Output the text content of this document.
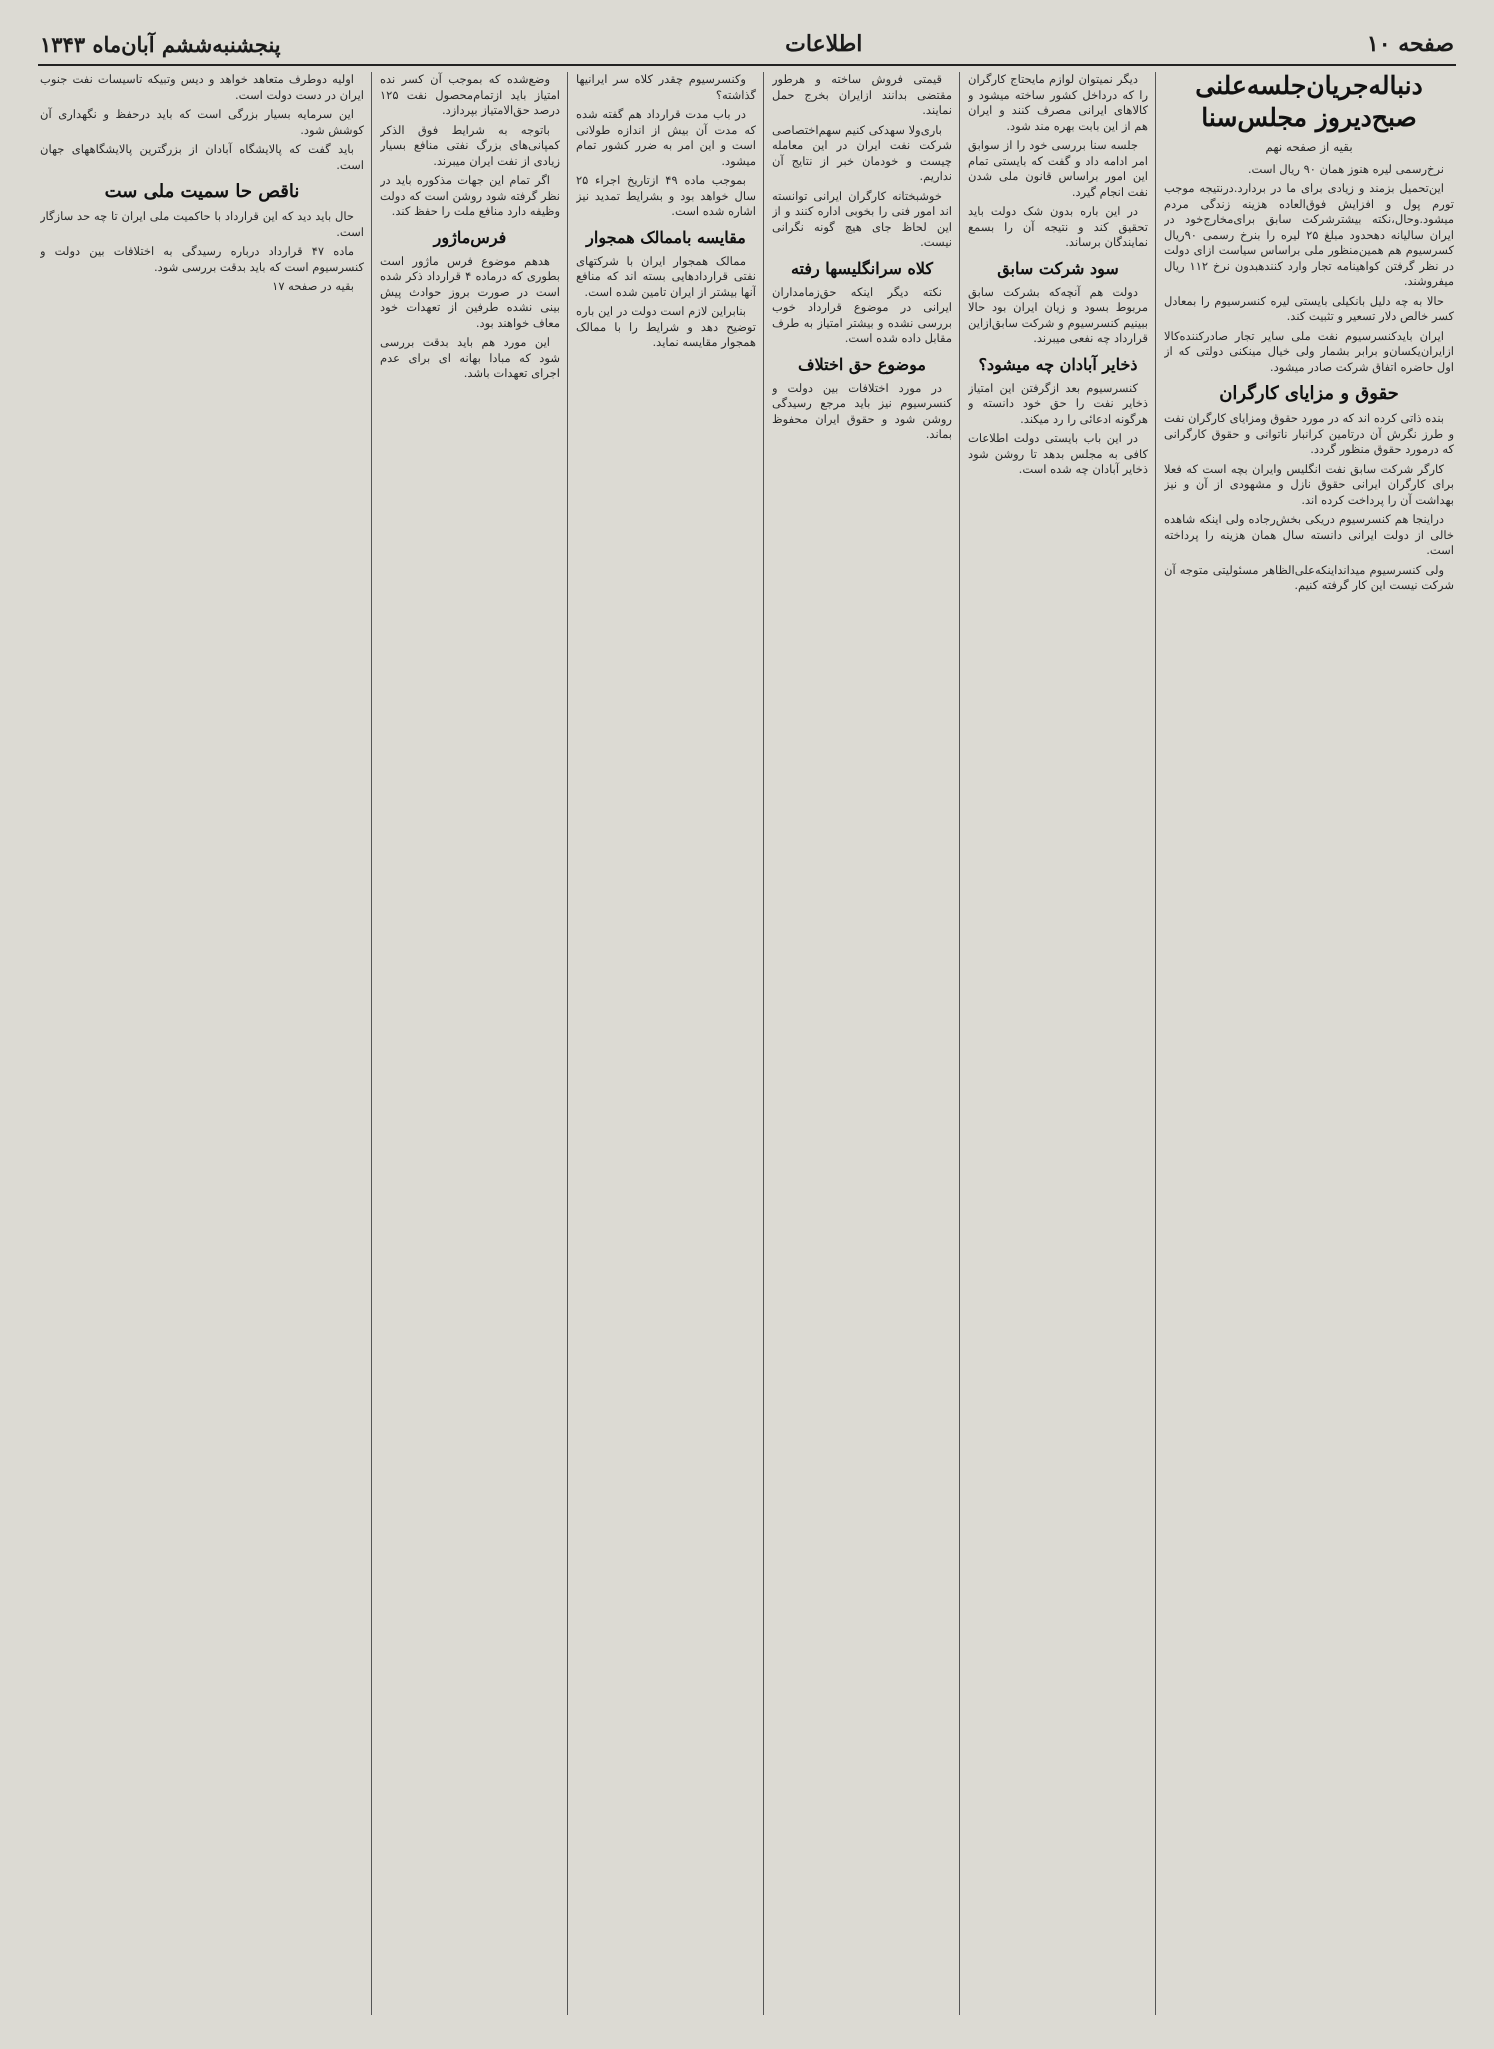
صفحه ۱۰
اطلاعات
پنجشنبه‌ششم آبان‌ماه ۱۳۴۳
دنباله‌جریان‌جلسه‌علنی صبح‌دیروز مجلس‌سنا
بقیه از صفحه نهم

نرخ‌رسمی لیره هنوز همان ۹۰ ریال است.

این‌تحمیل بزمند و زیادی برای ما در بردارد.درنتیجه موجب تورم پول و افزایش فوق‌العاده هزینه زندگی مردم میشود.وحال،نکته بیشترشرکت سابق برای‌مخارج‌خود در ایران سالیانه دهحدود مبلغ ۲۵ لیره را بنرخ رسمی ۹۰ریال کسرسیوم هم همین‌منظور ملی براساس سیاست ازای دولت در نظر گرفتن کواهینامه تجار وارد کنندهبدون نرخ ۱۱۲ ریال میفروشند.

حالا به چه دلیل بانکیلی بایستی لیره کنسرسیوم را بمعادل کسر خالص دلار تسعیر و تثبیت کند.

ایران بایدکنسرسیوم نفت ملی سایر تجار صادرکننده‌کالا ازایران‌یکسان‌و برابر بشمار ولی خیال مینکنی دولتی که از اول حاضره اتفاق شرکت صادر میشود.

حقوق و مزایای کارگران

بنده ذاتی کرده اند که در مورد حقوق ومزایای کارگران نفت و طرز نگرش آن درتامین کرانبار ناتوانی و حقوق کارگرانی که درمورد حقوق منظور گردد.

کارگر شرکت سابق نفت انگلیس وایران بچه است که فعلا برای کارگران ایرانی حقوق نازل و مشهودی از آن و نیز بهداشت آن را پرداخت کرده اند.

دراینجا هم کنسرسیوم دریکی بخش‌رجاده ولی اینکه شاهده خالی از دولت ایرانی دانسته سال همان هزینه را پرداخته است.

ولی کنسرسیوم میداند‌اینکه‌علی‌الظاهر مسئولیتی متوجه آن شرکت نیست این کار گرفته کنیم.

دیگر نمیتوان لوازم مایحتاج کارگران را که درداخل کشور ساخته میشود و کالاهای ایرانی مصرف کنند و ایران هم از این بابت بهره مند شود.

جلسه سنا بررسی خود را از سوابق امر ادامه داد و گفت که بایستی تمام این امور براساس قانون ملی شدن نفت انجام گیرد.

در این باره بدون شک دولت باید تحقیق کند و نتیجه آن را بسمع نمایندگان برساند.

سود شرکت سابق

دولت هم آنچه‌که بشرکت سابق مربوط بسود و زیان ایران بود حالا ببینیم کنسرسیوم و شرکت سابق‌ازاین قرارداد چه نفعی میبرند.

ذخایر آبادان چه میشود؟

کنسرسیوم بعد ازگرفتن این امتیاز ذخایر نفت را حق خود دانسته و هرگونه ادعائی را رد میکند.

در این باب بایستی دولت اطلاعات کافی به مجلس بدهد تا روشن شود ذخایر آبادان چه شده است.

قیمتی فروش ساخته و هرطور مقتضی بدانند ازایران بخرج حمل نمایند.

باری‌ولا سهدکی کنیم سهم‌اختصاصی شرکت نفت ایران در این معامله چیست و خودمان خبر از نتایج آن نداریم.

خوشبختانه کارگران ایرانی توانسته اند امور فنی را بخوبی اداره کنند و از این لحاظ جای هیچ گونه نگرانی نیست.

کلاه سرانگلیسها رفته

نکته دیگر اینکه حق‌زمامداران ایرانی در موضوع قرارداد خوب بررسی نشده و بیشتر امتیاز به طرف مقابل داده شده است.

موضوع حق اختلاف

در مورد اختلافات بین دولت و کنسرسیوم نیز باید مرجع رسیدگی روشن شود و حقوق ایران محفوظ بماند.

وکنسرسیوم چقدر کلاه سر ایرانیها گذاشته؟

در باب مدت قرارداد هم گفته شده که مدت آن بیش از اندازه طولانی است و این امر به ضرر کشور تمام میشود.

بموجب ماده ۴۹ ازتاریخ اجراء ۲۵ سال خواهد بود و بشرایط تمدید نیز اشاره شده است.

مقایسه باممالک همجوار

ممالک همجوار ایران با شرکتهای نفتی قراردادهایی بسته اند که منافع آنها بیشتر از ایران تامین شده است.

بنابراین لازم است دولت در این باره توضیح دهد و شرایط را با ممالک همجوار مقایسه نماید.

وضع‌شده که بموجب آن کسر نده امتیاز باید ازتمام‌محصول نفت ۱۲۵ درصد حق‌الامتیاز بپردازد.

باتوجه به شرایط فوق الذکر کمپانی‌های بزرگ نفتی منافع بسیار زیادی از نفت ایران میبرند.

اگر تمام این جهات مذکوره باید در نظر گرفته شود روشن است که دولت وظیفه دارد منافع ملت را حفظ کند.

فرس‌ماژور

هدهم موضوع فرس ماژور است بطوری که درماده ۴ قرارداد ذکر شده است در صورت بروز حوادث پیش بینی نشده طرفین از تعهدات خود معاف خواهند بود.

این مورد هم باید بدقت بررسی شود که مبادا بهانه ای برای عدم اجرای تعهدات باشد.

اولیه دوطرف متعاهد خواهد و دیس وتبیکه تاسیسات نفت جنوب ایران در دست دولت است.

این سرمایه بسیار بزرگی است که باید درحفظ و نگهداری آن کوشش شود.

باید گفت که پالایشگاه آبادان از بزرگترین پالایشگاههای جهان است.

ناقص حا سمیت ملی ست

حال باید دید که این قرارداد با حاکمیت ملی ایران تا چه حد سازگار است.

ماده ۴۷ قرارداد درباره رسیدگی به اختلافات بین دولت و کنسرسیوم است که باید بدقت بررسی شود.

بقیه در صفحه ۱۷
